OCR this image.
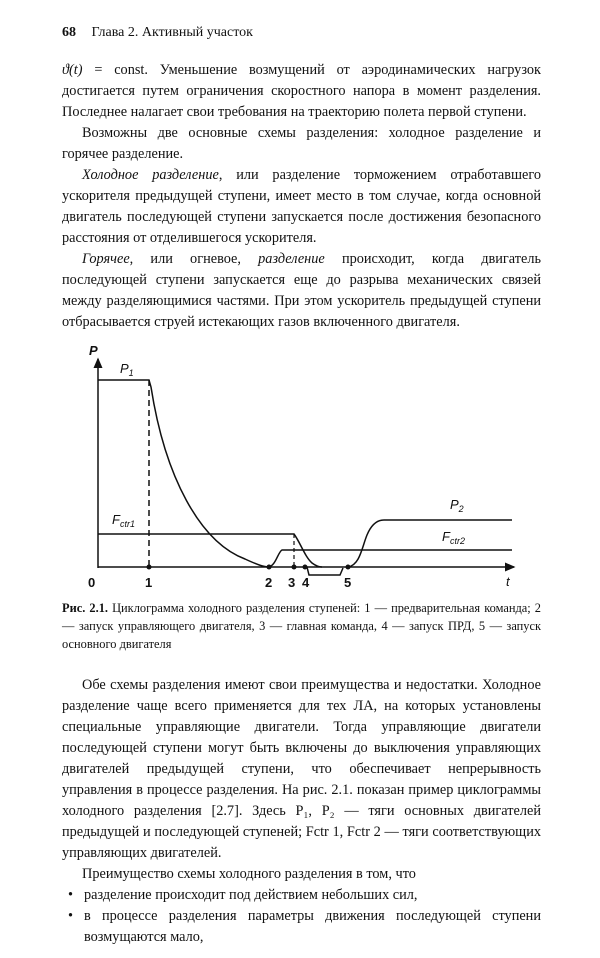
68 Глава 2. Активный участок

ϑ(t) = const. Уменьшение возмущений от аэродинамических нагрузок достигается путем ограничения скоростного напора в момент разделения. Последнее налагает свои требования на траекторию полета первой ступени.

Возможны две основные схемы разделения: холодное разделение и горячее разделение.

Холодное разделение, или разделение торможением отработавшего ускорителя предыдущей ступени, имеет место в том случае, когда основной двигатель последующей ступени запускается после достижения безопасного расстояния от отделившегося ускорителя.

Горячее, или огневое, разделение происходит, когда двигатель последующей ступени запускается еще до разрыва механических связей между разделяющимися частями. При этом ускоритель предыдущей ступени отбрасывается струей истекающих газов включенного двигателя.

P
t
$P_1$
$F_{ctr1}$
$P_2$
$F_{ctr2}$
0	1	2 3 4	5
Рис. 2.1. Циклограмма холодного разделения ступеней: 1 — предварительная команда; 2 — запуск управляющего двигателя, 3 — главная команда, 4 — запуск ПРД, 5 — запуск основного двигателя

Обе схемы разделения имеют свои преимущества и недостатки. Холодное разделение чаще всего применяется для тех ЛА, на которых установлены специальные управляющие двигатели. Тогда управляющие двигатели последующей ступени могут быть включены до выключения управляющих двигателей предыдущей ступени, что обеспечивает непрерывность управления в процессе разделения. На рис. 2.1. показан пример циклограммы холодного разделения [2.7]. Здесь P₁, P₂ — тяги основных двигателей предыдущей и последующей ступеней; Fctr 1, Fctr 2 — тяги соответствующих управляющих двигателей.

Преимущество схемы холодного разделения в том, что

• разделение происходит под действием небольших сил,
• в процессе разделения параметры движения последующей ступени возмущаются мало,
